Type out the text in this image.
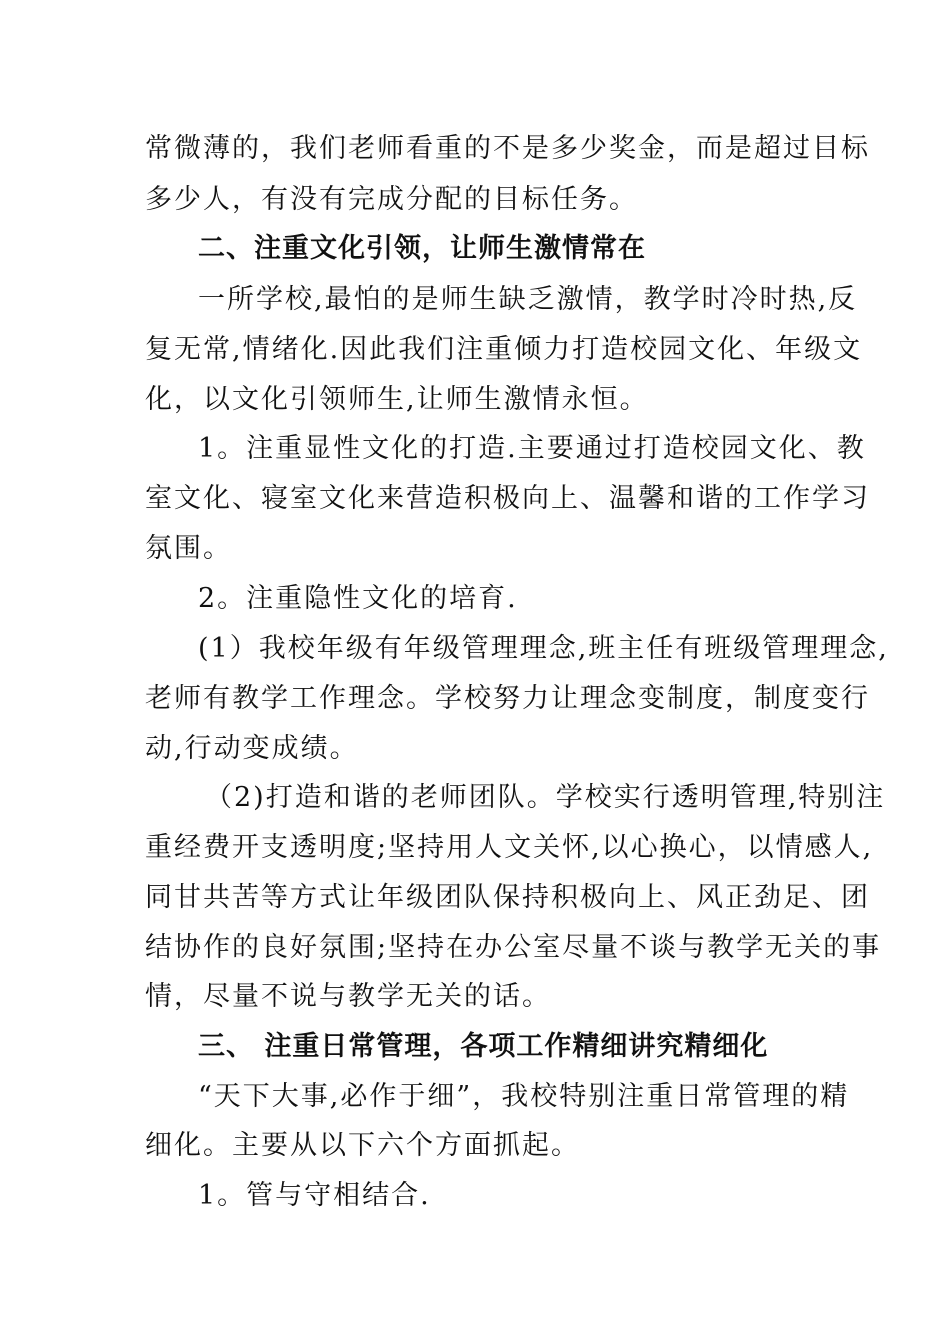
常微薄的，我们老师看重的不是多少奖金，而是超过目标
多少人，有没有完成分配的目标任务。
二、注重文化引领，让师生激情常在
一所学校,最怕的是师生缺乏激情，教学时冷时热,反
复无常,情绪化.因此我们注重倾力打造校园文化、年级文
化，以文化引领师生,让师生激情永恒。
1。注重显性文化的打造.主要通过打造校园文化、教
室文化、寝室文化来营造积极向上、温馨和谐的工作学习
氛围。
2。注重隐性文化的培育.
(1）我校年级有年级管理理念,班主任有班级管理理念,
老师有教学工作理念。学校努力让理念变制度，制度变行
动,行动变成绩。
（2)打造和谐的老师团队。学校实行透明管理,特别注
重经费开支透明度;坚持用人文关怀,以心换心，以情感人,
同甘共苦等方式让年级团队保持积极向上、风正劲足、团
结协作的良好氛围;坚持在办公室尽量不谈与教学无关的事
情，尽量不说与教学无关的话。
三、 注重日常管理，各项工作精细讲究精细化
“天下大事,必作于细”，我校特别注重日常管理的精
细化。主要从以下六个方面抓起。
1。管与守相结合.
